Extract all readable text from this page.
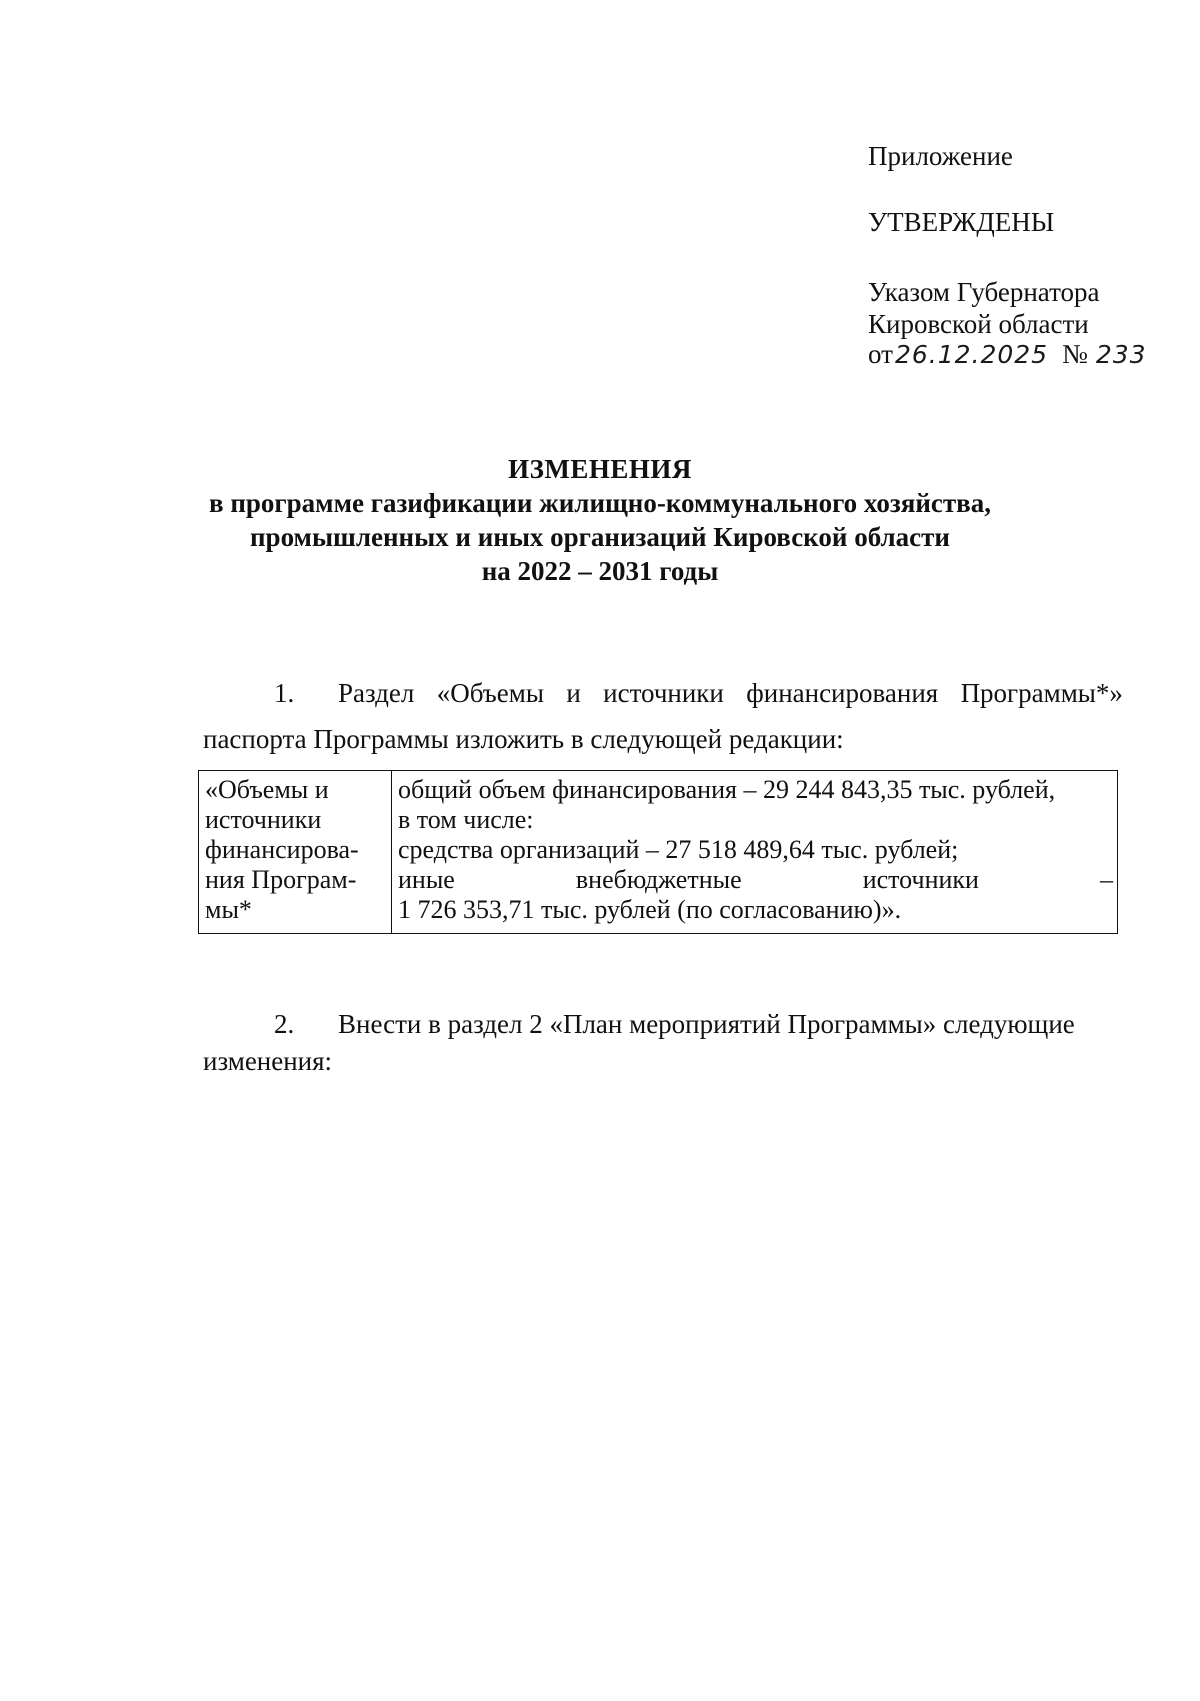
Приложение
УТВЕРЖДЕНЫ
Указом Губернатора
Кировской области
от 26.12.2025 № 233
ИЗМЕНЕНИЯ
в программе газификации жилищно-коммунального хозяйства,
промышленных и иных организаций Кировской области
на 2022 – 2031 годы
1.	Раздел «Объемы и источники финансирования Программы*»
паспорта Программы изложить в следующей редакции:
«Объемы и
источники
финансирова-
ния Програм-
мы*

общий объем финансирования – 29 244 843,35 тыс. рублей,
в том числе:
средства организаций – 27 518 489,64 тыс. рублей;
иные	внебюджетные	источники	–
1 726 353,71 тыс. рублей (по согласованию)».
2.	Внести в раздел 2 «План мероприятий Программы» следующие
изменения:
